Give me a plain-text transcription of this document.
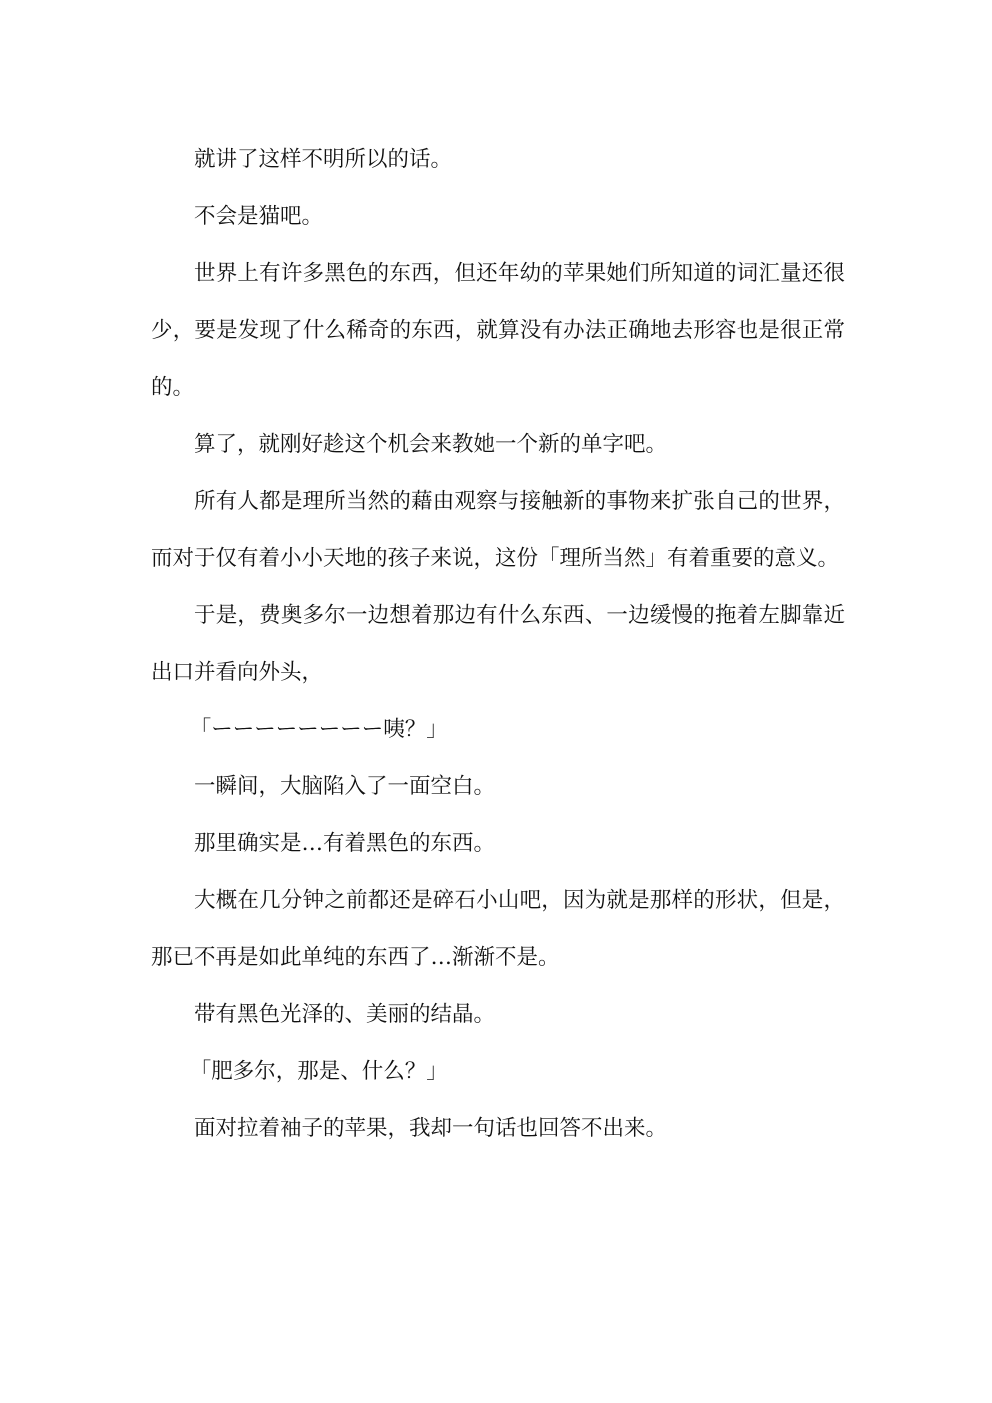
就讲了这样不明所以的话。

不会是猫吧。

世界上有许多黑色的东西，但还年幼的苹果她们所知道的词汇量还很少，要是发现了什么稀奇的东西，就算没有办法正确地去形容也是很正常的。

算了，就刚好趁这个机会来教她一个新的单字吧。

所有人都是理所当然的藉由观察与接触新的事物来扩张自己的世界，而对于仅有着小小天地的孩子来说，这份「理所当然」有着重要的意义。

于是，费奥多尔一边想着那边有什么东西、一边缓慢的拖着左脚靠近出口并看向外头，

「ーーーーーーーー咦？」

一瞬间，大脑陷入了一面空白。

那里确实是…有着黑色的东西。

大概在几分钟之前都还是碎石小山吧，因为就是那样的形状，但是，那已不再是如此单纯的东西了…渐渐不是。

带有黑色光泽的、美丽的结晶。

「肥多尔，那是、什么？」

面对拉着袖子的苹果，我却一句话也回答不出来。
